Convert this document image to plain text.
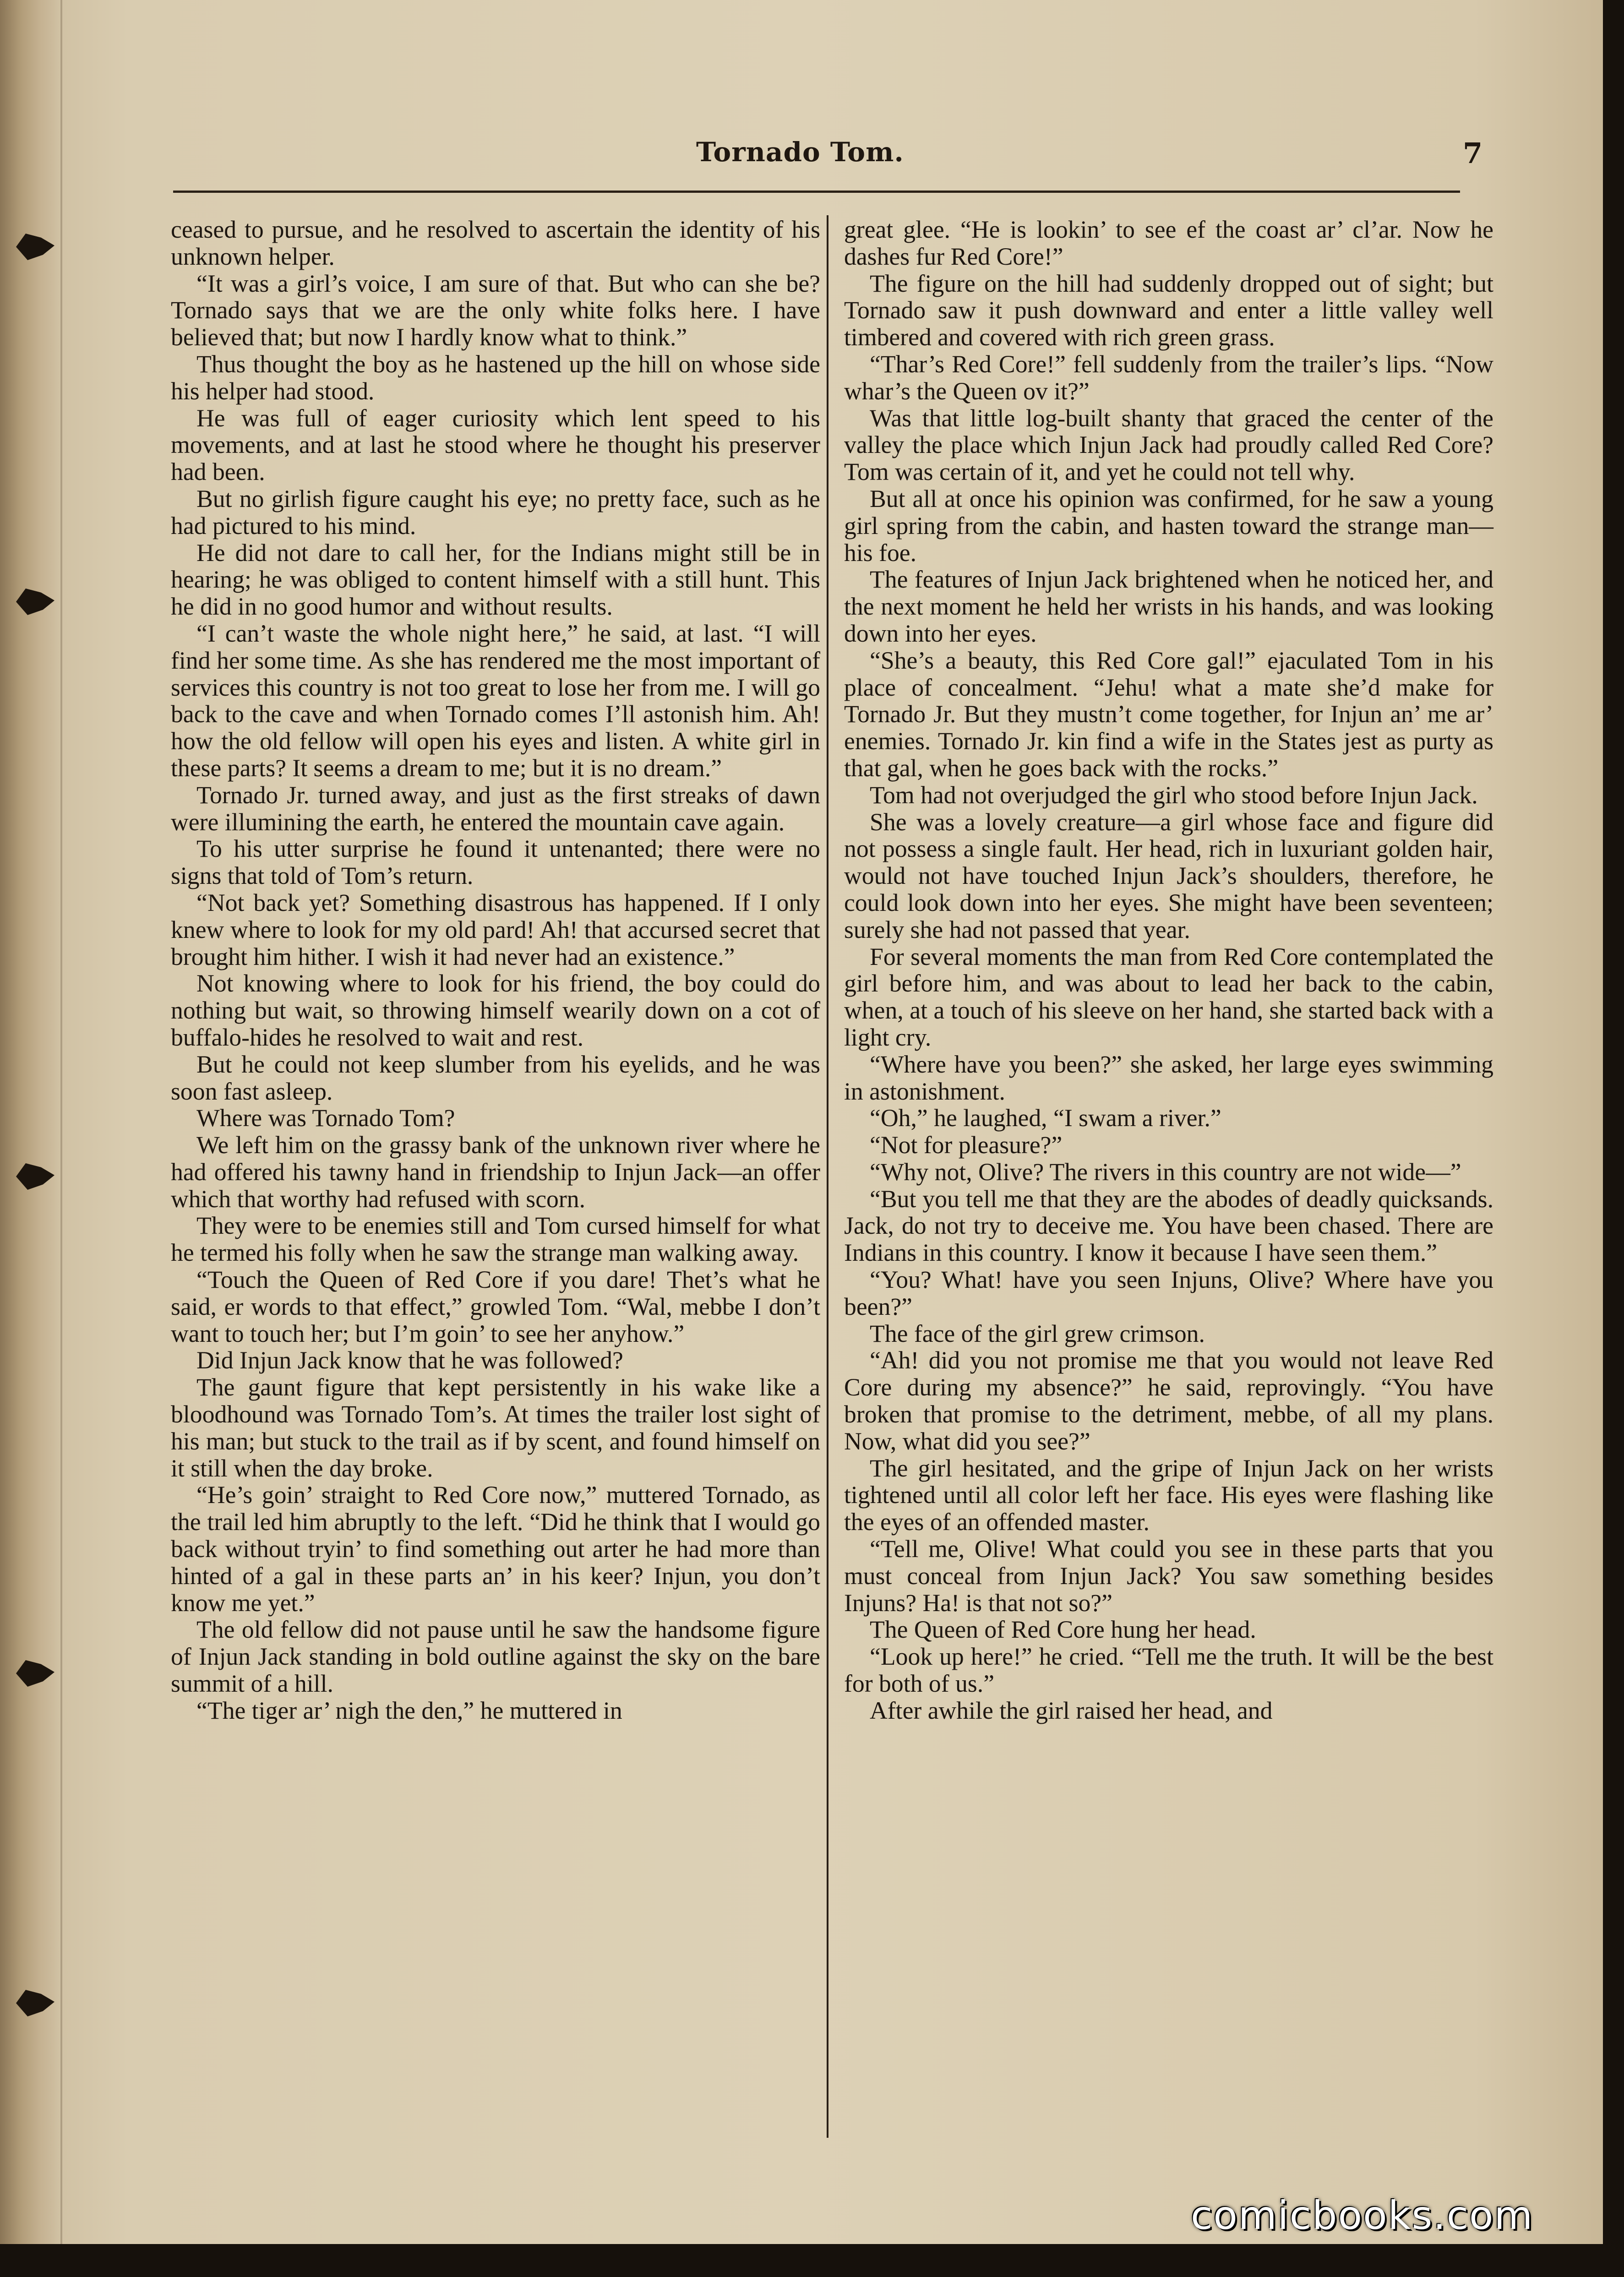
Tornado Tom.	7

ceased to pursue, and he resolved to ascertain the identity of his unknown helper.

“It was a girl’s voice, I am sure of that. But who can she be? Tornado says that we are the only white folks here. I have believed that; but now I hardly know what to think.”

Thus thought the boy as he hastened up the hill on whose side his helper had stood.

He was full of eager curiosity which lent speed to his movements, and at last he stood where he thought his preserver had been.

But no girlish figure caught his eye; no pretty face, such as he had pictured to his mind.

He did not dare to call her, for the Indians might still be in hearing; he was obliged to content himself with a still hunt. This he did in no good humor and without results.

“I can’t waste the whole night here,” he said, at last. “I will find her some time. As she has rendered me the most important of services this country is not too great to lose her from me. I will go back to the cave and when Tornado comes I’ll astonish him. Ah! how the old fellow will open his eyes and listen. A white girl in these parts? It seems a dream to me; but it is no dream.”

Tornado Jr. turned away, and just as the first streaks of dawn were illumining the earth, he entered the mountain cave again.

To his utter surprise he found it untenanted; there were no signs that told of Tom’s return.

“Not back yet? Something disastrous has happened. If I only knew where to look for my old pard! Ah! that accursed secret that brought him hither. I wish it had never had an existence.”

Not knowing where to look for his friend, the boy could do nothing but wait, so throwing himself wearily down on a cot of buffalo-hides he resolved to wait and rest.

But he could not keep slumber from his eyelids, and he was soon fast asleep.

Where was Tornado Tom?

We left him on the grassy bank of the unknown river where he had offered his tawny hand in friendship to Injun Jack—an offer which that worthy had refused with scorn.

They were to be enemies still and Tom cursed himself for what he termed his folly when he saw the strange man walking away.

“Touch the Queen of Red Core if you dare! Thet’s what he said, er words to that effect,” growled Tom. “Wal, mebbe I don’t want to touch her; but I’m goin’ to see her anyhow.”

Did Injun Jack know that he was followed?

The gaunt figure that kept persistently in his wake like a bloodhound was Tornado Tom’s. At times the trailer lost sight of his man; but stuck to the trail as if by scent, and found himself on it still when the day broke.

“He’s goin’ straight to Red Core now,” muttered Tornado, as the trail led him abruptly to the left. “Did he think that I would go back without tryin’ to find something out arter he had more than hinted of a gal in these parts an’ in his keer? Injun, you don’t know me yet.”

The old fellow did not pause until he saw the handsome figure of Injun Jack standing in bold outline against the sky on the bare summit of a hill.

“The tiger ar’ nigh the den,” he muttered in

great glee. “He is lookin’ to see ef the coast ar’ cl’ar. Now he dashes fur Red Core!”

The figure on the hill had suddenly dropped out of sight; but Tornado saw it push downward and enter a little valley well timbered and covered with rich green grass.

“Thar’s Red Core!” fell suddenly from the trailer’s lips. “Now whar’s the Queen ov it?”

Was that little log-built shanty that graced the center of the valley the place which Injun Jack had proudly called Red Core? Tom was certain of it, and yet he could not tell why.

But all at once his opinion was confirmed, for he saw a young girl spring from the cabin, and hasten toward the strange man—his foe.

The features of Injun Jack brightened when he noticed her, and the next moment he held her wrists in his hands, and was looking down into her eyes.

“She’s a beauty, this Red Core gal!” ejaculated Tom in his place of concealment. “Jehu! what a mate she’d make for Tornado Jr. But they mustn’t come together, for Injun an’ me ar’ enemies. Tornado Jr. kin find a wife in the States jest as purty as that gal, when he goes back with the rocks.”

Tom had not overjudged the girl who stood before Injun Jack.

She was a lovely creature—a girl whose face and figure did not possess a single fault. Her head, rich in luxuriant golden hair, would not have touched Injun Jack’s shoulders, therefore, he could look down into her eyes. She might have been seventeen; surely she had not passed that year.

For several moments the man from Red Core contemplated the girl before him, and was about to lead her back to the cabin, when, at a touch of his sleeve on her hand, she started back with a light cry.

“Where have you been?” she asked, her large eyes swimming in astonishment.

“Oh,” he laughed, “I swam a river.”

“Not for pleasure?”

“Why not, Olive? The rivers in this country are not wide—”

“But you tell me that they are the abodes of deadly quicksands. Jack, do not try to deceive me. You have been chased. There are Indians in this country. I know it because I have seen them.”

“You? What! have you seen Injuns, Olive? Where have you been?”

The face of the girl grew crimson.

“Ah! did you not promise me that you would not leave Red Core during my absence?” he said, reprovingly. “You have broken that promise to the detriment, mebbe, of all my plans. Now, what did you see?”

The girl hesitated, and the gripe of Injun Jack on her wrists tightened until all color left her face. His eyes were flashing like the eyes of an offended master.

“Tell me, Olive! What could you see in these parts that you must conceal from Injun Jack? You saw something besides Injuns? Ha! is that not so?”

The Queen of Red Core hung her head.

“Look up here!” he cried. “Tell me the truth. It will be the best for both of us.”

After awhile the girl raised her head, and

comicbooks.com
